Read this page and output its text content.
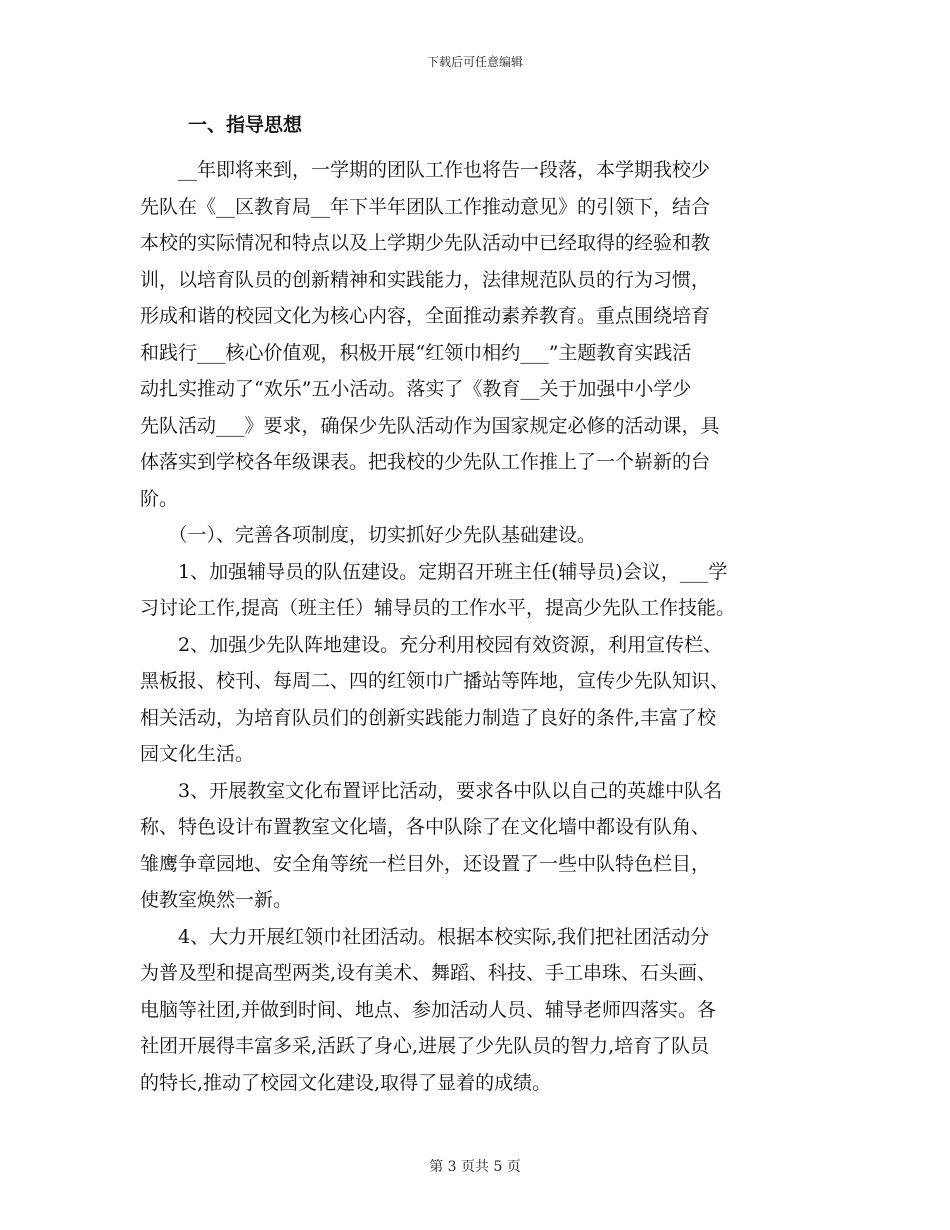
下载后可任意编辑
一、指导思想
　　__年即将来到，一学期的团队工作也将告一段落，本学期我校少
先队在《__区教育局__年下半年团队工作推动意见》的引领下，结合
本校的实际情况和特点以及上学期少先队活动中已经取得的经验和教
训，以培育队员的创新精神和实践能力，法律规范队员的行为习惯，
形成和谐的校园文化为核心内容，全面推动素养教育。重点围绕培育
和践行___核心价值观，积极开展“红领巾相约___”主题教育实践活
动扎实推动了“欢乐”五小活动。落实了《教育__关于加强中小学少
先队活动___》要求，确保少先队活动作为国家规定必修的活动课，具
体落实到学校各年级课表。把我校的少先队工作推上了一个崭新的台
阶。
　　（一）、完善各项制度，切实抓好少先队基础建设。
　　1、加强辅导员的队伍建设。定期召开班主任(辅导员)会议，___学
习讨论工作,提高（班主任）辅导员的工作水平，提高少先队工作技能。
　　2、加强少先队阵地建设。充分利用校园有效资源，利用宣传栏、
黑板报、校刊、每周二、四的红领巾广播站等阵地，宣传少先队知识、
相关活动，为培育队员们的创新实践能力制造了良好的条件,丰富了校
园文化生活。
　　3、开展教室文化布置评比活动，要求各中队以自己的英雄中队名
称、特色设计布置教室文化墙，各中队除了在文化墙中都设有队角、
雏鹰争章园地、安全角等统一栏目外，还设置了一些中队特色栏目，
使教室焕然一新。
　　4、大力开展红领巾社团活动。根据本校实际,我们把社团活动分
为普及型和提高型两类,设有美术、舞蹈、科技、手工串珠、石头画、
电脑等社团,并做到时间、地点、参加活动人员、辅导老师四落实。各
社团开展得丰富多采,活跃了身心,进展了少先队员的智力,培育了队员
的特长,推动了校园文化建设,取得了显着的成绩。
第 3 页共 5 页
